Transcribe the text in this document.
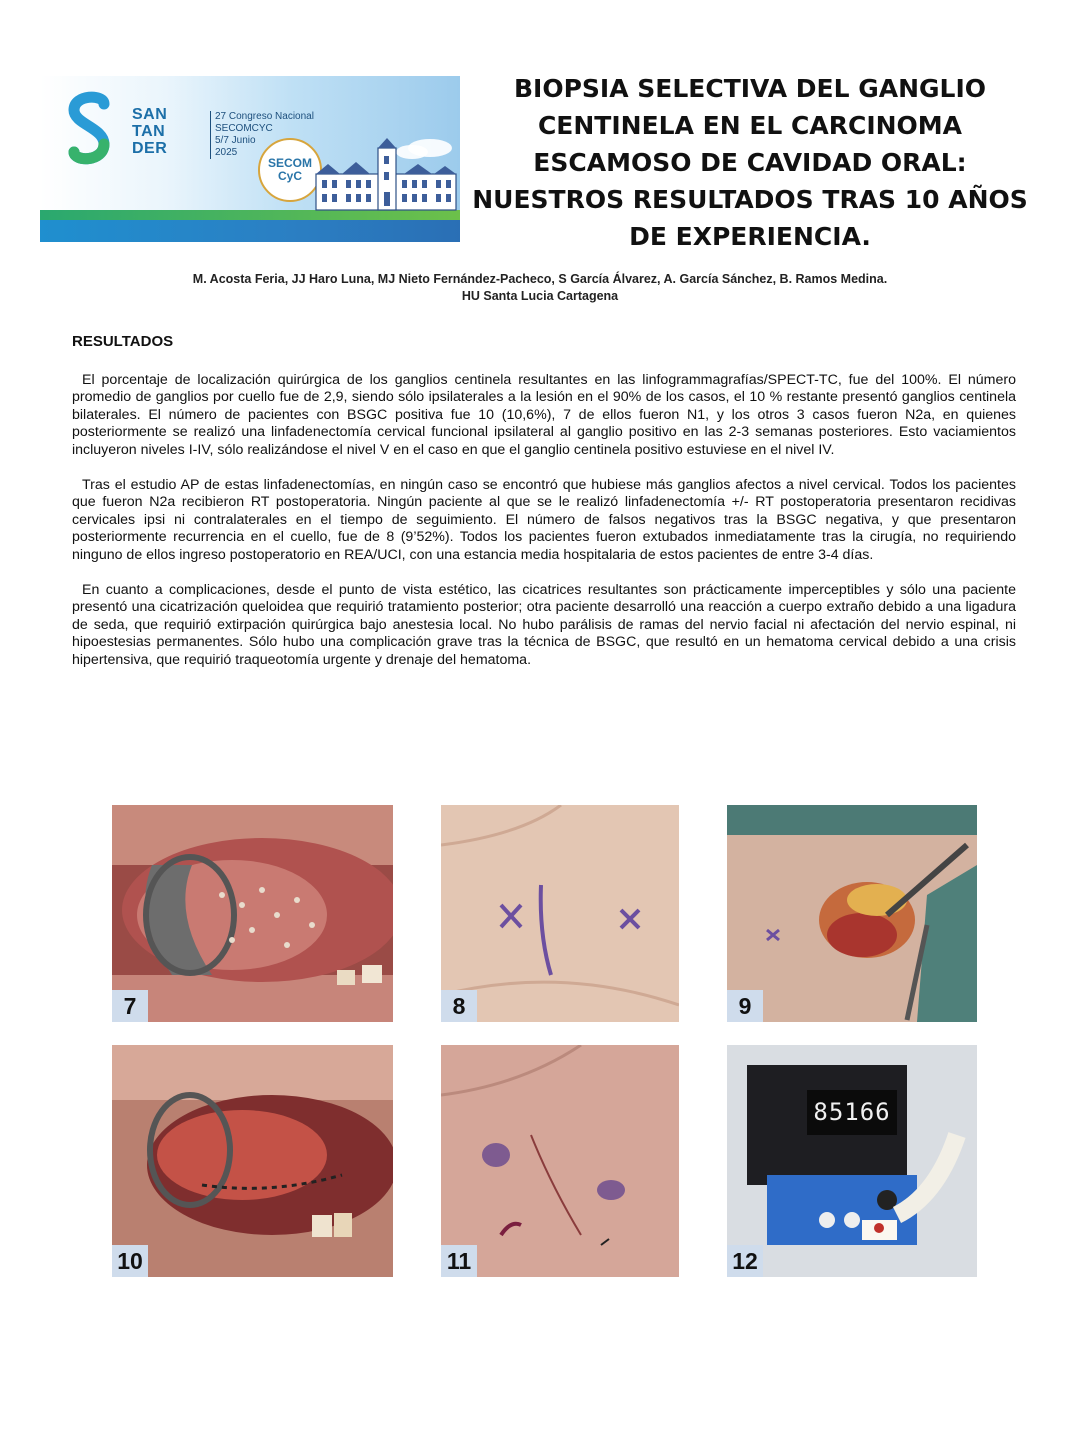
SAN
TAN
DER
27 Congreso Nacional
SECOMCYC
5/7 Junio
2025
SECOM
CyC
BIOPSIA SELECTIVA DEL GANGLIO CENTINELA EN EL CARCINOMA ESCAMOSO DE CAVIDAD ORAL: NUESTROS RESULTADOS TRAS 10 AÑOS DE EXPERIENCIA.
M. Acosta Feria, JJ Haro Luna, MJ Nieto Fernández-Pacheco, S García Álvarez, A. García Sánchez, B. Ramos Medina.
HU Santa Lucia Cartagena
RESULTADOS

El porcentaje de localización quirúrgica de los ganglios centinela resultantes en las linfogrammagrafías/SPECT-TC, fue del 100%. El número promedio de ganglios por cuello fue de 2,9, siendo sólo ipsilaterales a la lesión en el 90% de los casos, el 10 % restante presentó ganglios centinela bilaterales. El número de pacientes con BSGC positiva fue 10 (10,6%), 7 de ellos fueron N1, y los otros 3 casos fueron N2a, en quienes posteriormente se realizó una linfadenectomía cervical funcional ipsilateral al ganglio positivo en las 2-3 semanas posteriores. Esto vaciamientos incluyeron niveles I-IV, sólo realizándose el nivel V en el caso en que el ganglio centinela positivo estuviese en el nivel IV.

Tras el estudio AP de estas linfadenectomías, en ningún caso se encontró que hubiese más ganglios afectos a nivel cervical. Todos los pacientes que fueron N2a recibieron RT postoperatoria. Ningún paciente al que se le realizó linfadenectomía +/- RT postoperatoria presentaron recidivas cervicales ipsi ni contralaterales en el tiempo de seguimiento. El número de falsos negativos tras la BSGC negativa, y que presentaron posteriormente recurrencia en el cuello, fue de 8 (9’52%). Todos los pacientes fueron extubados inmediatamente tras la cirugía, no requiriendo ninguno de ellos ingreso postoperatorio en REA/UCI, con una estancia media hospitalaria de estos pacientes de entre 3-4 días.

En cuanto a complicaciones, desde el punto de vista estético, las cicatrices resultantes son prácticamente imperceptibles y sólo una paciente presentó una cicatrización queloidea que requirió tratamiento posterior; otra paciente desarrolló una reacción a cuerpo extraño debido a una ligadura de seda, que requirió extirpación quirúrgica bajo anestesia local. No hubo parálisis de ramas del nervio facial ni afectación del nervio espinal, ni hipoestesias permanentes. Sólo hubo una complicación grave tras la técnica de BSGC, que resultó en un hematoma cervical debido a una crisis hipertensiva, que requirió traqueotomía urgente y drenaje del hematoma.

7	8	9
10	11
85166
12
